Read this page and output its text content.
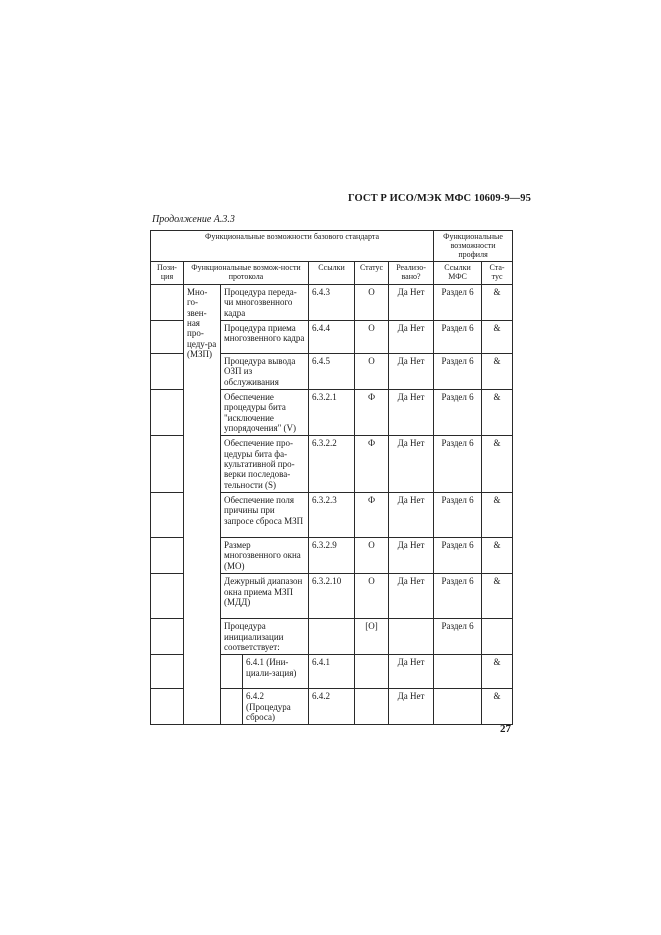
ГОСТ Р ИСО/МЭК МФС 10609-9—95
Продолжение А.3.3
Функциональные возможности базового стандарта							Функциональные возможности профиля	
Пози-ция	Функциональные возмож-ности протокола			Ссылки	Статус	Реализо-вано?	Ссылки МФС	Ста-тус
	Мно-го-звен-ная про-цеду-ра (МЗП)	Процедура переда-чи многозвенного кадра		6.4.3	О	Да Нет	Раздел 6	&
		Процедура приема многозвенного кадра		6.4.4	О	Да Нет	Раздел 6	&
		Процедура вывода ОЗП из обслуживания		6.4.5	О	Да Нет	Раздел 6	&
		Обеспечение процедуры бита "исключение упорядочения" (V)		6.3.2.1	Ф	Да Нет	Раздел 6	&
		Обеспечение про-цедуры бита фа-культативной про-верки последова-тельности (S)		6.3.2.2	Ф	Да Нет	Раздел 6	&
		Обеспечение поля причины при запросе сброса МЗП		6.3.2.3	Ф	Да Нет	Раздел 6	&
		Размер многозвенного окна (МО)		6.3.2.9	О	Да Нет	Раздел 6	&
		Дежурный диапазон окна приема МЗП (МДД)		6.3.2.10	О	Да Нет	Раздел 6	&
		Процедура инициализации соответствует:			[О]		Раздел 6	
			6.4.1 (Ини-циали-зация)	6.4.1		Да Нет		&
			6.4.2 (Процедура сброса)	6.4.2		Да Нет		&
27
